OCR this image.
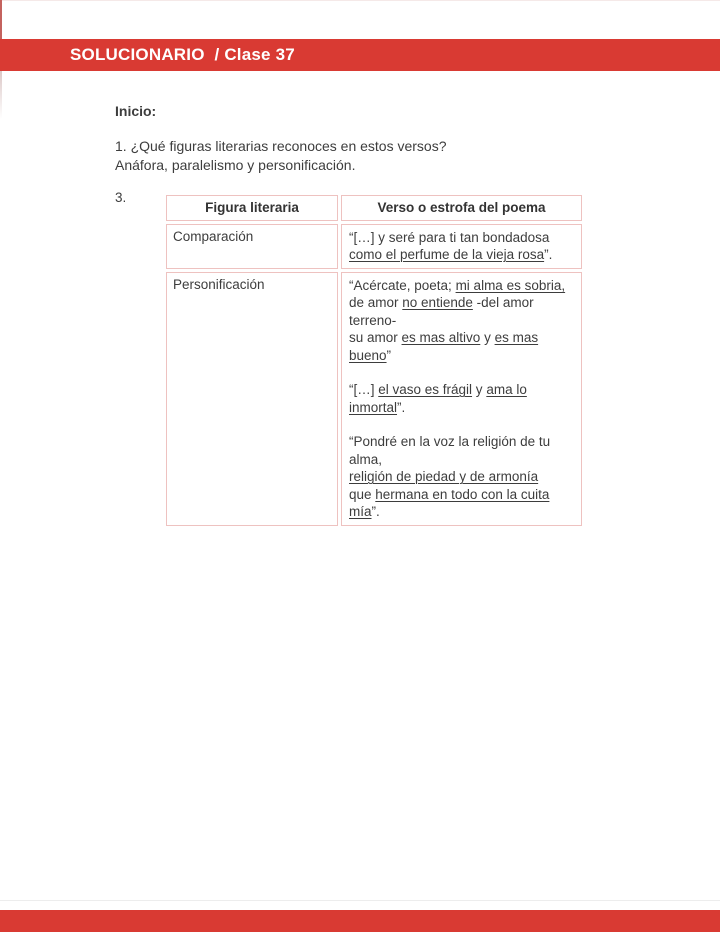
SOLUCIONARIO  / Clase 37
Inicio:
1. ¿Qué figuras literarias reconoces en estos versos?
Anáfora, paralelismo y personificación.
3.
Figura literaria	Verso o estrofa del poema
Comparación	“[…] y seré para ti tan bondadosa
como el perfume de la vieja rosa”.

Personificación	“Acércate, poeta; mi alma es sobria,
de amor no entiende -del amor terreno-
su amor es mas altivo y es mas bueno”

“[…] el vaso es frágil y ama lo inmortal”.

“Pondré en la voz la religión de tu alma,
religión de piedad y de armonía
que hermana en todo con la cuita mía”.
